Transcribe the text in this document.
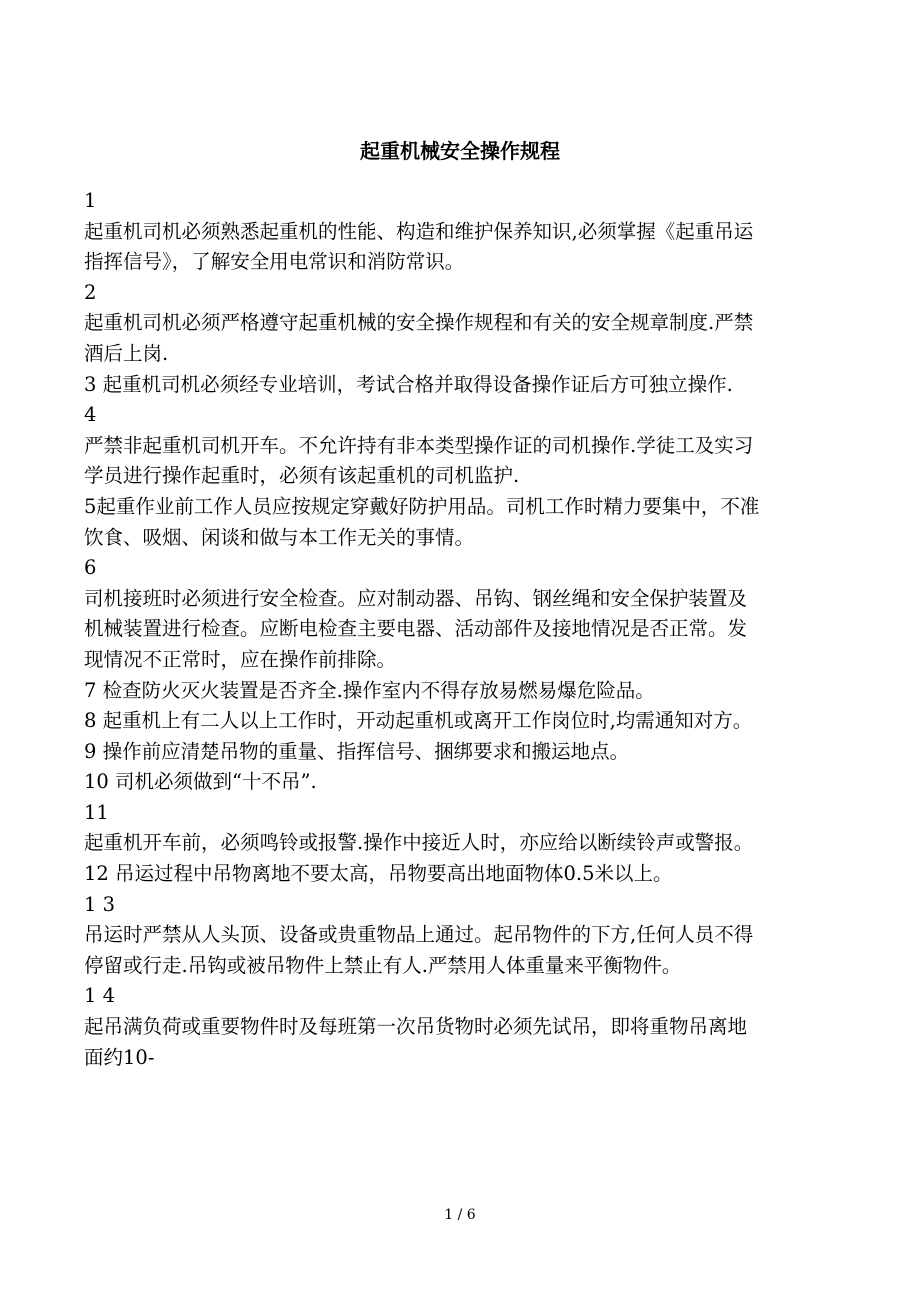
起重机械安全操作规程
1
起重机司机必须熟悉起重机的性能、构造和维护保养知识,必须掌握《起重吊运
指挥信号》，了解安全用电常识和消防常识。
2
起重机司机必须严格遵守起重机械的安全操作规程和有关的安全规章制度.严禁
酒后上岗.
3 起重机司机必须经专业培训，考试合格并取得设备操作证后方可独立操作.
4
严禁非起重机司机开车。不允许持有非本类型操作证的司机操作.学徒工及实习
学员进行操作起重时，必须有该起重机的司机监护.
5起重作业前工作人员应按规定穿戴好防护用品。司机工作时精力要集中，不准
饮食、吸烟、闲谈和做与本工作无关的事情。
6
司机接班时必须进行安全检查。应对制动器、吊钩、钢丝绳和安全保护装置及
机械装置进行检查。应断电检查主要电器、活动部件及接地情况是否正常。发
现情况不正常时，应在操作前排除。
7 检查防火灭火装置是否齐全.操作室内不得存放易燃易爆危险品。
8 起重机上有二人以上工作时，开动起重机或离开工作岗位时,均需通知对方。
9 操作前应清楚吊物的重量、指挥信号、捆绑要求和搬运地点。
10 司机必须做到“十不吊”.
11
起重机开车前，必须鸣铃或报警.操作中接近人时，亦应给以断续铃声或警报。
12 吊运过程中吊物离地不要太高，吊物要高出地面物体0.5米以上。
1 3
吊运时严禁从人头顶、设备或贵重物品上通过。起吊物件的下方,任何人员不得
停留或行走.吊钩或被吊物件上禁止有人.严禁用人体重量来平衡物件。
1 4
起吊满负荷或重要物件时及每班第一次吊货物时必须先试吊，即将重物吊离地
面约10-
1 / 6
